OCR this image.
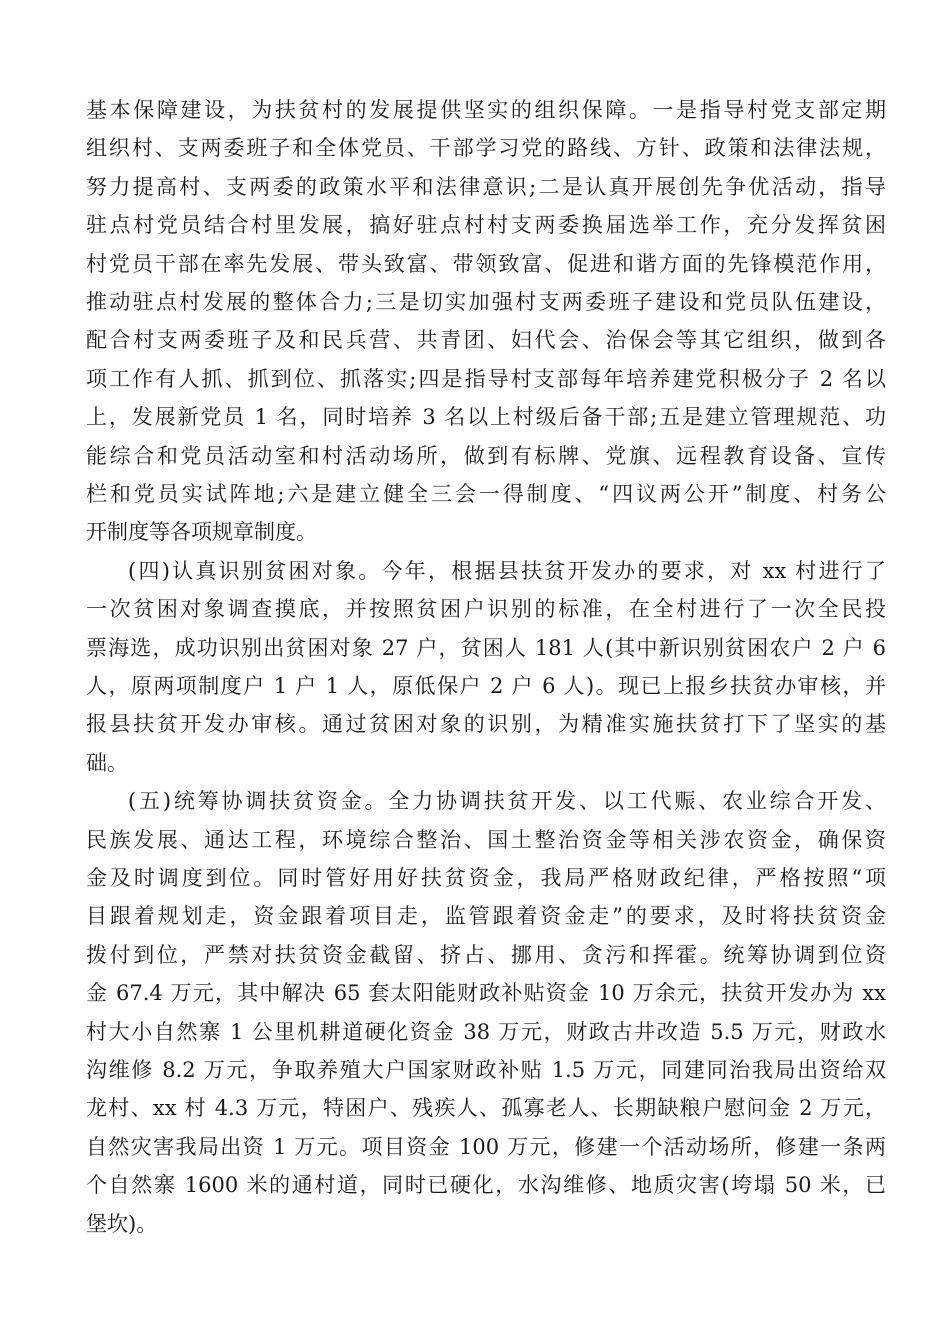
基本保障建设，为扶贫村的发展提供坚实的组织保障。一是指导村党支部定期
组织村、支两委班子和全体党员、干部学习党的路线、方针、政策和法律法规，
努力提高村、支两委的政策水平和法律意识;二是认真开展创先争优活动，指导
驻点村党员结合村里发展，搞好驻点村村支两委换届选举工作，充分发挥贫困
村党员干部在率先发展、带头致富、带领致富、促进和谐方面的先锋模范作用，
推动驻点村发展的整体合力;三是切实加强村支两委班子建设和党员队伍建设，
配合村支两委班子及和民兵营、共青团、妇代会、治保会等其它组织，做到各
项工作有人抓、抓到位、抓落实;四是指导村支部每年培养建党积极分子 2 名以
上，发展新党员 1 名，同时培养 3 名以上村级后备干部;五是建立管理规范、功
能综合和党员活动室和村活动场所，做到有标牌、党旗、远程教育设备、宣传
栏和党员实试阵地;六是建立健全三会一得制度、“四议两公开”制度、村务公
开制度等各项规章制度。
(四)认真识别贫困对象。今年，根据县扶贫开发办的要求，对 xx 村进行了
一次贫困对象调查摸底，并按照贫困户识别的标准，在全村进行了一次全民投
票海选，成功识别出贫困对象 27 户，贫困人 181 人(其中新识别贫困农户 2 户 6
人，原两项制度户 1 户 1 人，原低保户 2 户 6 人)。现已上报乡扶贫办审核，并
报县扶贫开发办审核。通过贫困对象的识别，为精准实施扶贫打下了坚实的基
础。
(五)统筹协调扶贫资金。全力协调扶贫开发、以工代赈、农业综合开发、
民族发展、通达工程，环境综合整治、国土整治资金等相关涉农资金，确保资
金及时调度到位。同时管好用好扶贫资金，我局严格财政纪律，严格按照“项
目跟着规划走，资金跟着项目走，监管跟着资金走”的要求，及时将扶贫资金
拨付到位，严禁对扶贫资金截留、挤占、挪用、贪污和挥霍。统筹协调到位资
金 67.4 万元，其中解决 65 套太阳能财政补贴资金 10 万余元，扶贫开发办为 xx
村大小自然寨 1 公里机耕道硬化资金 38 万元，财政古井改造 5.5 万元，财政水
沟维修 8.2 万元，争取养殖大户国家财政补贴 1.5 万元，同建同治我局出资给双
龙村、xx 村 4.3 万元，特困户、残疾人、孤寡老人、长期缺粮户慰问金 2 万元，
自然灾害我局出资 1 万元。项目资金 100 万元，修建一个活动场所，修建一条两
个自然寨 1600 米的通村道，同时已硬化，水沟维修、地质灾害(垮塌 50 米，已
堡坎)。
